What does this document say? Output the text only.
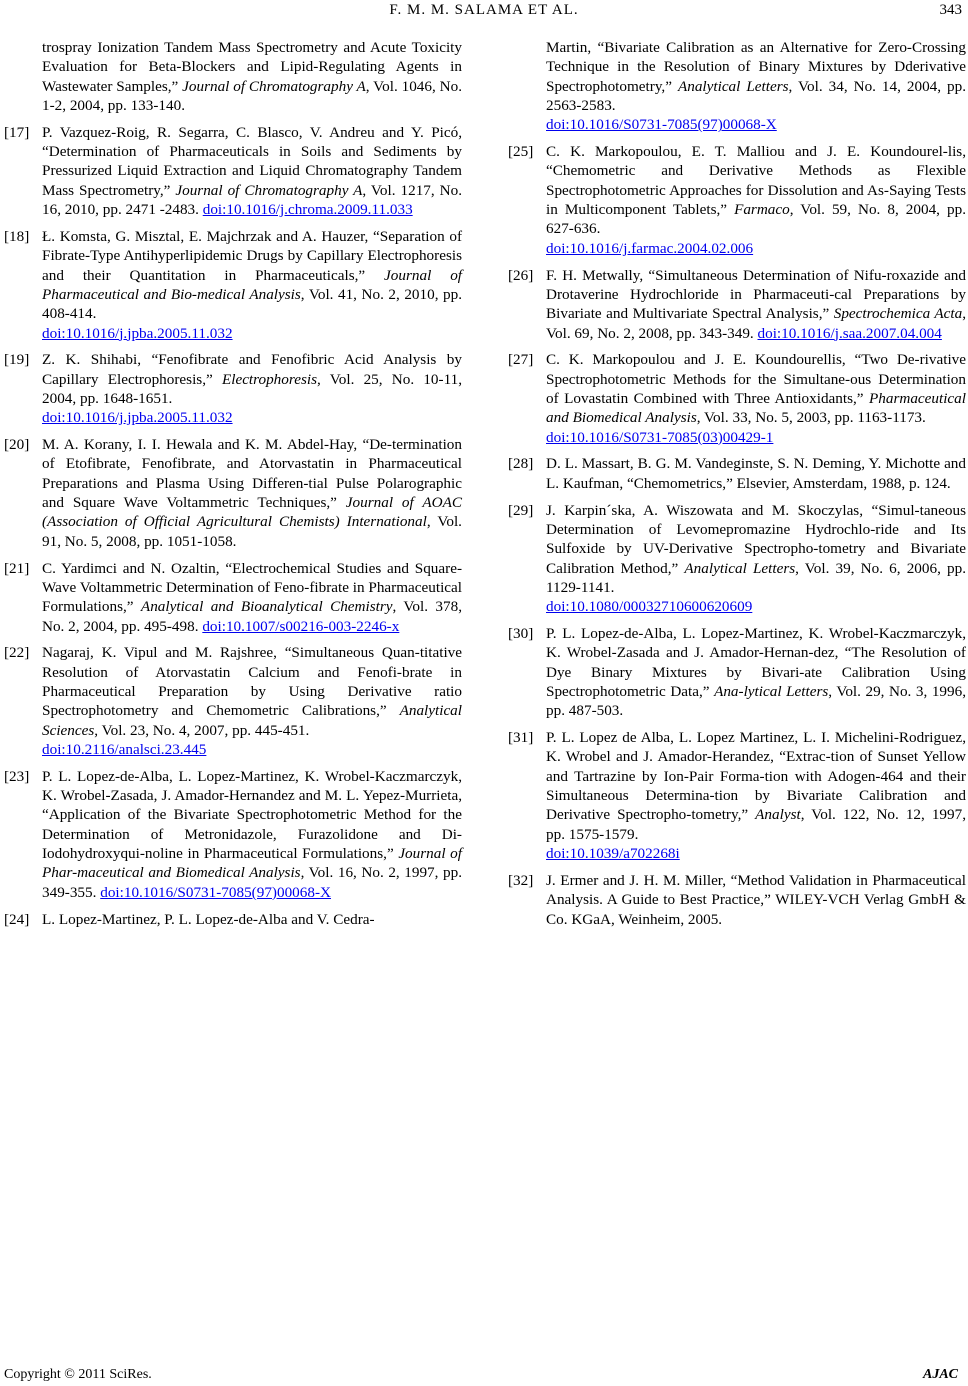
F. M. M. SALAMA ET AL.	343
trospray Ionization Tandem Mass Spectrometry and Acute Toxicity Evaluation for Beta-Blockers and Lipid-Regulating Agents in Wastewater Samples,” Journal of Chromatography A, Vol. 1046, No. 1-2, 2004, pp. 133-140.
[17] P. Vazquez-Roig, R. Segarra, C. Blasco, V. Andreu and Y. Picó, “Determination of Pharmaceuticals in Soils and Sediments by Pressurized Liquid Extraction and Liquid Chromatography Tandem Mass Spectrometry,” Journal of Chromatography A, Vol. 1217, No. 16, 2010, pp. 2471 -2483. doi:10.1016/j.chroma.2009.11.033
[18] Ł. Komsta, G. Misztal, E. Majchrzak and A. Hauzer, “Separation of Fibrate-Type Antihyperlipidemic Drugs by Capillary Electrophoresis and their Quantitation in Pharmaceuticals,” Journal of Pharmaceutical and Bio-medical Analysis, Vol. 41, No. 2, 2010, pp. 408-414.
doi:10.1016/j.jpba.2005.11.032
[19] Z. K. Shihabi, “Fenofibrate and Fenofibric Acid Analysis by Capillary Electrophoresis,” Electrophoresis, Vol. 25, No. 10-11, 2004, pp. 1648-1651.
doi:10.1016/j.jpba.2005.11.032
[20] M. A. Korany, I. I. Hewala and K. M. Abdel-Hay, “De-termination of Etofibrate, Fenofibrate, and Atorvastatin in Pharmaceutical Preparations and Plasma Using Differen-tial Pulse Polarographic and Square Wave Voltammetric Techniques,” Journal of AOAC (Association of Official Agricultural Chemists) International, Vol. 91, No. 5, 2008, pp. 1051-1058.
[21] C. Yardimci and N. Ozaltin, “Electrochemical Studies and Square-Wave Voltammetric Determination of Feno-fibrate in Pharmaceutical Formulations,” Analytical and Bioanalytical Chemistry, Vol. 378, No. 2, 2004, pp. 495-498. doi:10.1007/s00216-003-2246-x
[22] Nagaraj, K. Vipul and M. Rajshree, “Simultaneous Quan-titative Resolution of Atorvastatin Calcium and Fenofi-brate in Pharmaceutical Preparation by Using Derivative ratio Spectrophotometry and Chemometric Calibrations,” Analytical Sciences, Vol. 23, No. 4, 2007, pp. 445-451.
doi:10.2116/analsci.23.445
[23] P. L. Lopez-de-Alba, L. Lopez-Martinez, K. Wrobel-Kaczmarczyk, K. Wrobel-Zasada, J. Amador-Hernandez and M. L. Yepez-Murrieta, “Application of the Bivariate Spectrophotometric Method for the Determination of Metronidazole, Furazolidone and Di-Iodohydroxyqui-noline in Pharmaceutical Formulations,” Journal of Phar-maceutical and Biomedical Analysis, Vol. 16, No. 2, 1997, pp. 349-355. doi:10.1016/S0731-7085(97)00068-X
[24] L. Lopez-Martinez, P. L. Lopez-de-Alba and V. Cedra-
Martin, “Bivariate Calibration as an Alternative for Zero-Crossing Technique in the Resolution of Binary Mixtures by Dderivative Spectrophotometry,” Analytical Letters, Vol. 34, No. 14, 2004, pp. 2563-2583.
doi:10.1016/S0731-7085(97)00068-X
[25] C. K. Markopoulou, E. T. Malliou and J. E. Koundourel-lis, “Chemometric and Derivative Methods as Flexible Spectrophotometric Approaches for Dissolution and As-Saying Tests in Multicomponent Tablets,” Farmaco, Vol. 59, No. 8, 2004, pp. 627-636.
doi:10.1016/j.farmac.2004.02.006
[26] F. H. Metwally, “Simultaneous Determination of Nifu-roxazide and Drotaverine Hydrochloride in Pharmaceuti-cal Preparations by Bivariate and Multivariate Spectral Analysis,” Spectrochemica Acta, Vol. 69, No. 2, 2008, pp. 343-349. doi:10.1016/j.saa.2007.04.004
[27] C. K. Markopoulou and J. E. Koundourellis, “Two De-rivative Spectrophotometric Methods for the Simultane-ous Determination of Lovastatin Combined with Three Antioxidants,” Pharmaceutical and Biomedical Analysis, Vol. 33, No. 5, 2003, pp. 1163-1173.
doi:10.1016/S0731-7085(03)00429-1
[28] D. L. Massart, B. G. M. Vandeginste, S. N. Deming, Y. Michotte and L. Kaufman, “Chemometrics,” Elsevier, Amsterdam, 1988, p. 124.
[29] J. Karpin´ska, A. Wiszowata and M. Skoczylas, “Simul-taneous Determination of Levomepromazine Hydrochlo-ride and Its Sulfoxide by UV-Derivative Spectropho-tometry and Bivariate Calibration Method,” Analytical Letters, Vol. 39, No. 6, 2006, pp. 1129-1141.
doi:10.1080/00032710600620609
[30] P. L. Lopez-de-Alba, L. Lopez-Martinez, K. Wrobel-Kaczmarczyk, K. Wrobel-Zasada and J. Amador-Hernan-dez, “The Resolution of Dye Binary Mixtures by Bivari-ate Calibration Using Spectrophotometric Data,” Ana-lytical Letters, Vol. 29, No. 3, 1996, pp. 487-503.
[31] P. L. Lopez de Alba, L. Lopez Martinez, L. I. Michelini-Rodriguez, K. Wrobel and J. Amador-Herandez, “Extrac-tion of Sunset Yellow and Tartrazine by Ion-Pair Forma-tion with Adogen-464 and their Simultaneous Determina-tion by Bivariate Calibration and Derivative Spectropho-tometry,” Analyst, Vol. 122, No. 12, 1997, pp. 1575-1579.
doi:10.1039/a702268i
[32] J. Ermer and J. H. M. Miller, “Method Validation in Pharmaceutical Analysis. A Guide to Best Practice,” WILEY-VCH Verlag GmbH & Co. KGaA, Weinheim, 2005.
Copyright © 2011 SciRes.	AJAC
